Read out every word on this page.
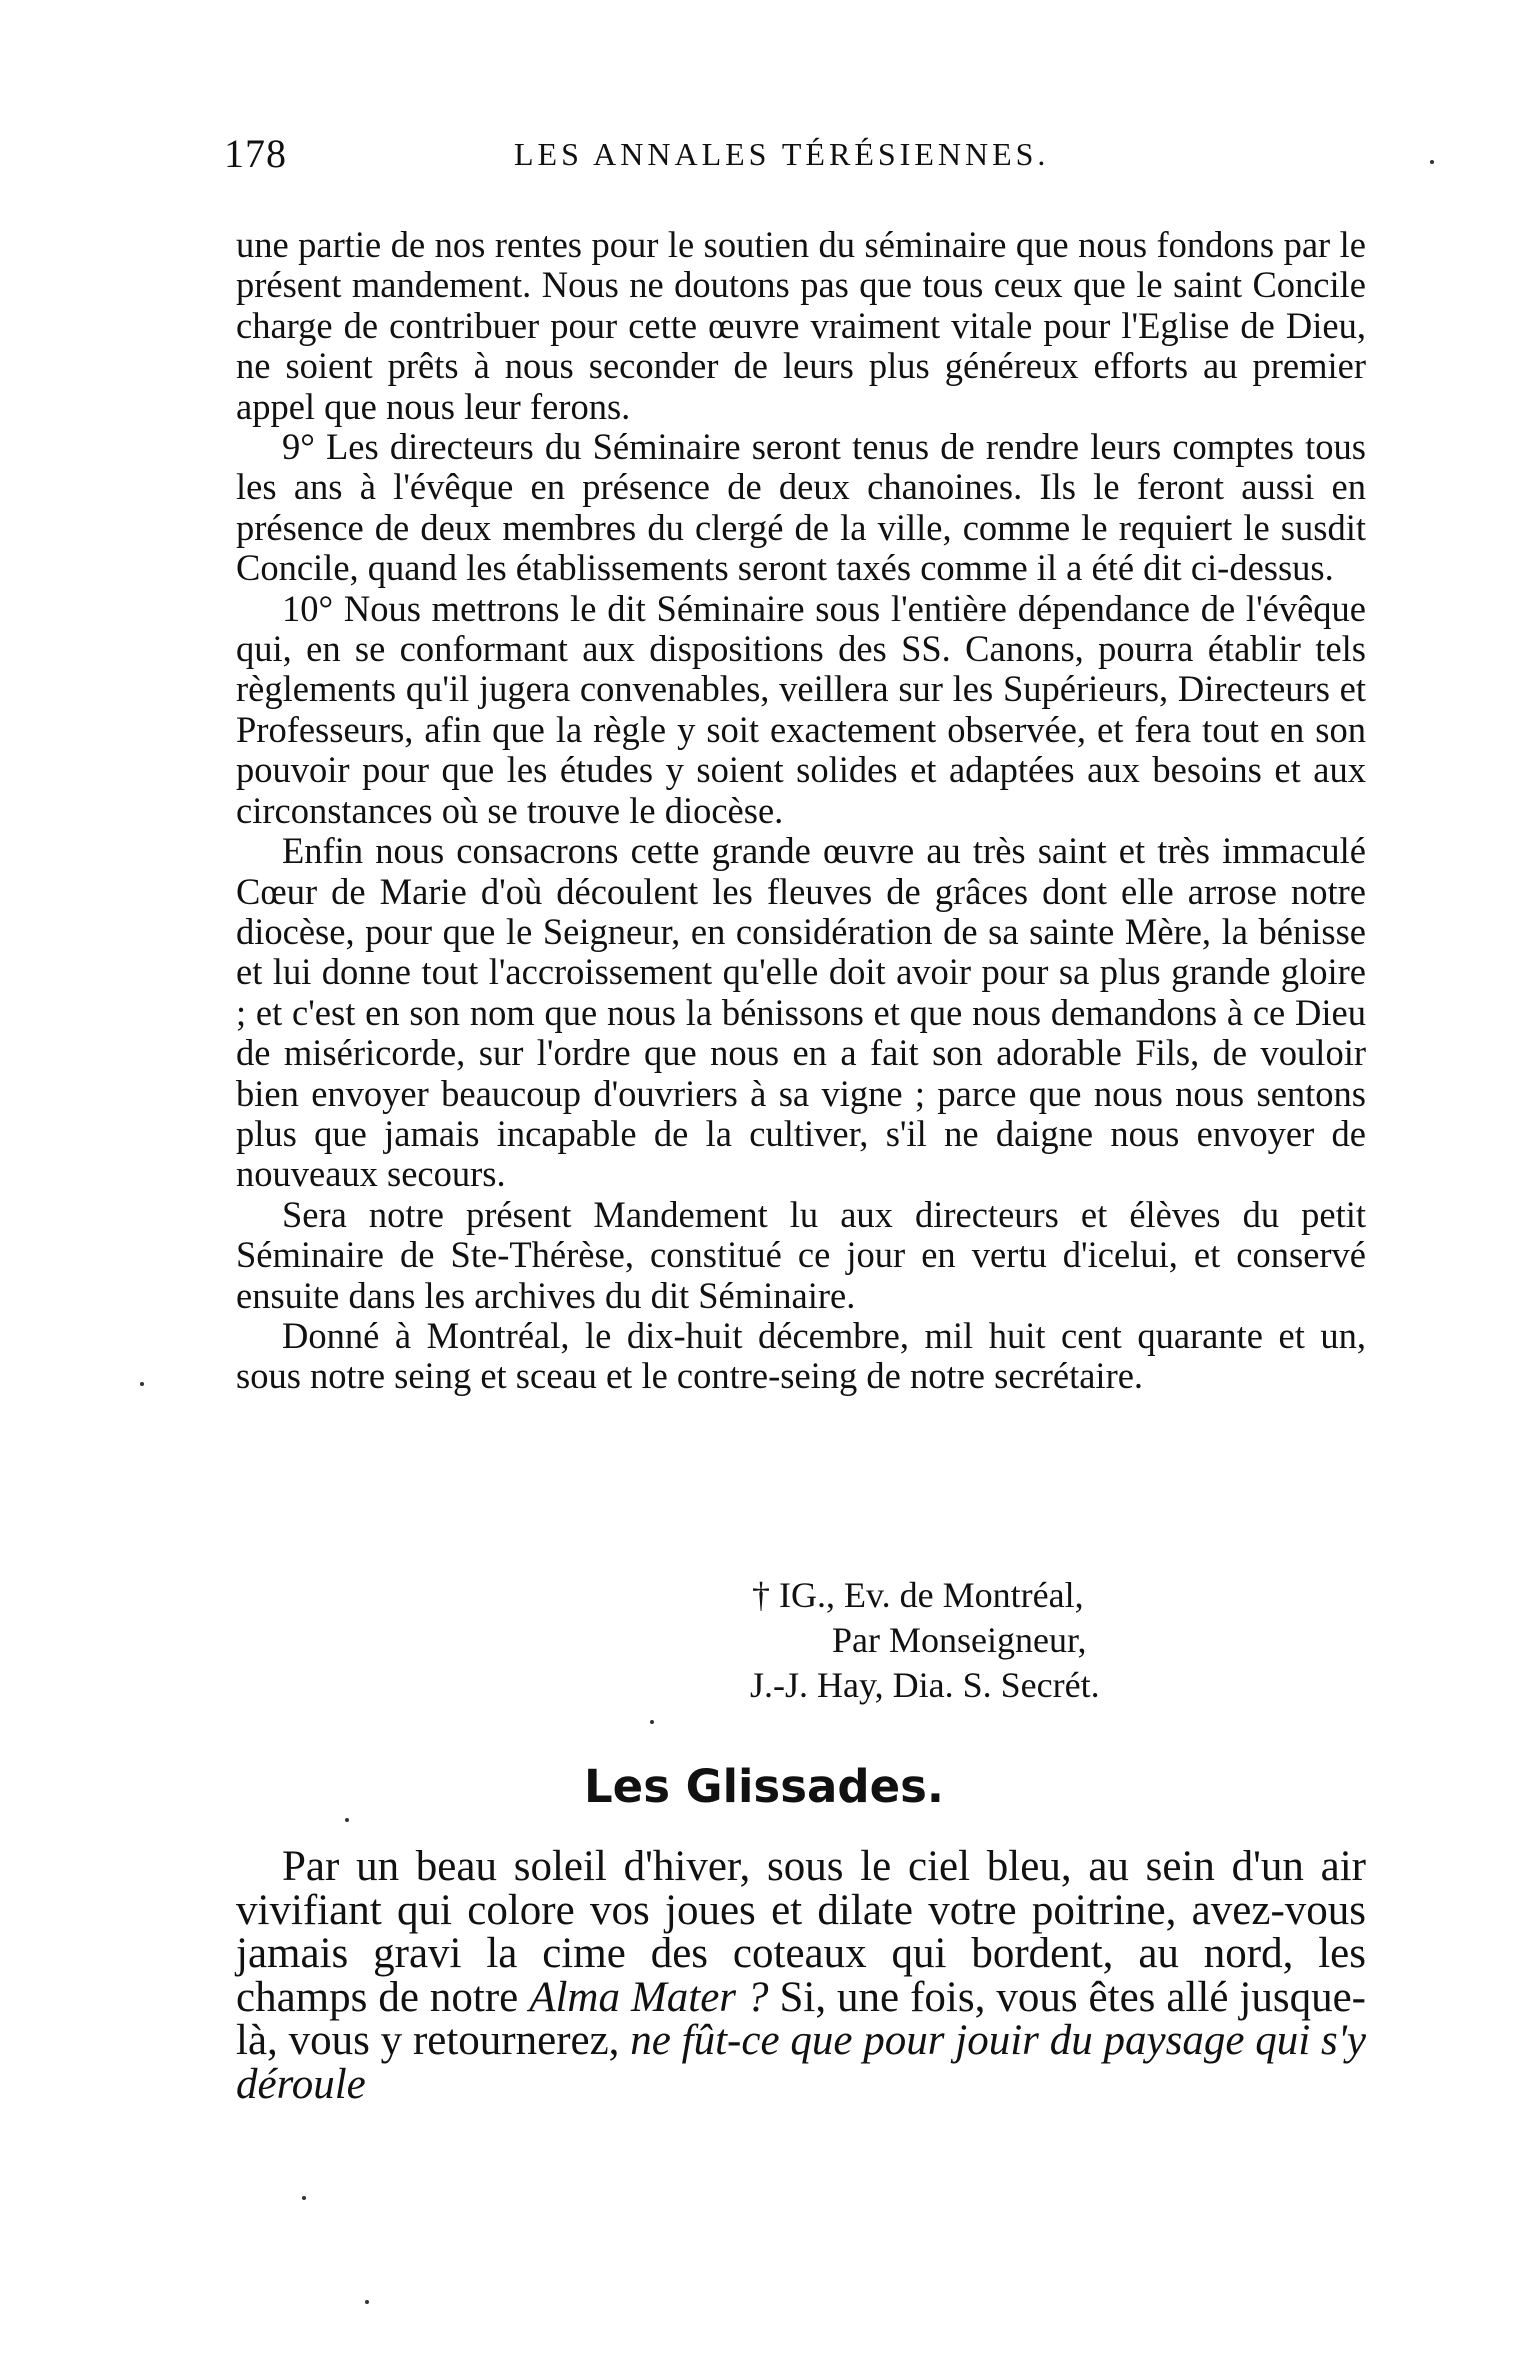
178	LES ANNALES TÉRÉSIENNES.

une partie de nos rentes pour le soutien du séminaire que nous fondons par le présent mandement. Nous ne doutons pas que tous ceux que le saint Concile charge de contribuer pour cette œuvre vraiment vitale pour l'Eglise de Dieu, ne soient prêts à nous seconder de leurs plus généreux efforts au premier appel que nous leur ferons.

9° Les directeurs du Séminaire seront tenus de rendre leurs comptes tous les ans à l'évêque en présence de deux chanoines. Ils le feront aussi en présence de deux membres du clergé de la ville, comme le requiert le susdit Concile, quand les établissements seront taxés comme il a été dit ci-dessus.

10° Nous mettrons le dit Séminaire sous l'entière dépendance de l'évêque qui, en se conformant aux dispositions des SS. Canons, pourra établir tels règlements qu'il jugera convenables, veillera sur les Supérieurs, Directeurs et Professeurs, afin que la règle y soit exactement observée, et fera tout en son pouvoir pour que les études y soient solides et adaptées aux besoins et aux circonstances où se trouve le diocèse.

Enfin nous consacrons cette grande œuvre au très saint et très immaculé Cœur de Marie d'où découlent les fleuves de grâces dont elle arrose notre diocèse, pour que le Seigneur, en considération de sa sainte Mère, la bénisse et lui donne tout l'accroissement qu'elle doit avoir pour sa plus grande gloire ; et c'est en son nom que nous la bénissons et que nous demandons à ce Dieu de miséricorde, sur l'ordre que nous en a fait son adorable Fils, de vouloir bien envoyer beaucoup d'ouvriers à sa vigne ; parce que nous nous sentons plus que jamais incapable de la cultiver, s'il ne daigne nous envoyer de nouveaux secours.

Sera notre présent Mandement lu aux directeurs et élèves du petit Séminaire de Ste-Thérèse, constitué ce jour en vertu d'icelui, et conservé ensuite dans les archives du dit Séminaire.

Donné à Montréal, le dix-huit décembre, mil huit cent quarante et un, sous notre seing et sceau et le contre-seing de notre secrétaire.

† IG., Ev. de Montréal,
Par Monseigneur,
J.-J. Hay, Dia. S. Secrét.
Les Glissades.

Par un beau soleil d'hiver, sous le ciel bleu, au sein d'un air vivifiant qui colore vos joues et dilate votre poitrine, avez-vous jamais gravi la cime des coteaux qui bordent, au nord, les champs de notre Alma Mater ? Si, une fois, vous êtes allé jusque-là, vous y retournerez, ne fût-ce que pour jouir du paysage qui s'y déroule
